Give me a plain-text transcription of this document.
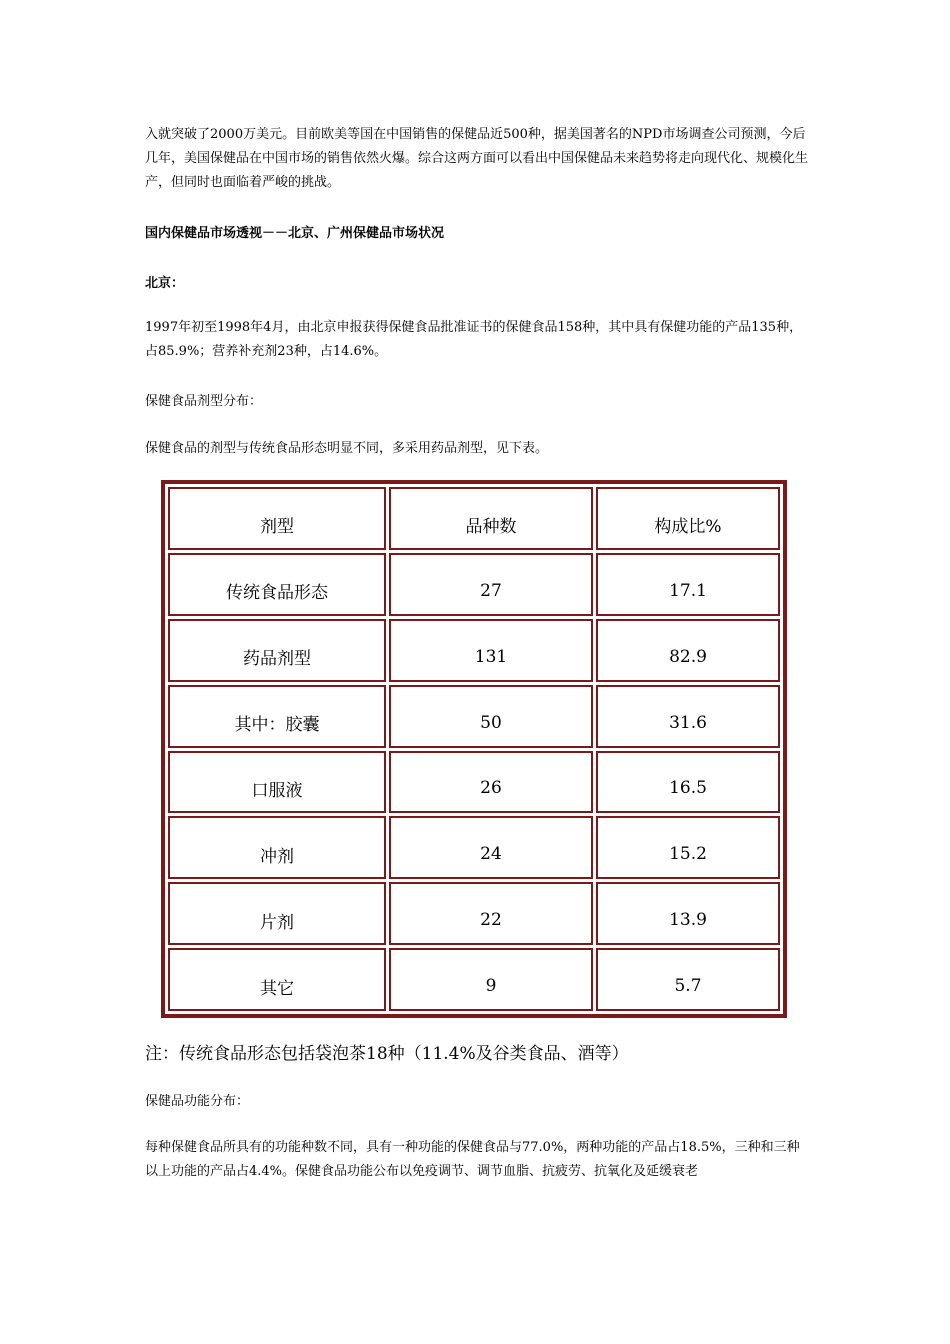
入就突破了2000万美元。目前欧美等国在中国销售的保健品近500种，据美国著名的NPD市场调查公司预测，今后几年，美国保健品在中国市场的销售依然火爆。综合这两方面可以看出中国保健品未来趋势将走向现代化、规模化生产，但同时也面临着严峻的挑战。

国内保健品市场透视－－北京、广州保健品市场状况

北京：

1997年初至1998年4月，由北京申报获得保健食品批准证书的保健食品158种，其中具有保健功能的产品135种，占85.9%；营养补充剂23种，占14.6%。

保健食品剂型分布：

保健食品的剂型与传统食品形态明显不同，多采用药品剂型，见下表。

剂型	品种数	构成比%
传统食品形态	27	17.1
药品剂型	131	82.9
其中：胶囊	50	31.6
口服液	26	16.5
冲剂	24	15.2
片剂	22	13.9
其它	9	5.7

注：传统食品形态包括袋泡茶18种（11.4%及谷类食品、酒等）

保健品功能分布：

每种保健食品所具有的功能种数不同，具有一种功能的保健食品与77.0%，两种功能的产品占18.5%，三种和三种以上功能的产品占4.4%。保健食品功能公布以免疫调节、调节血脂、抗疲劳、抗氧化及延缓衰老
